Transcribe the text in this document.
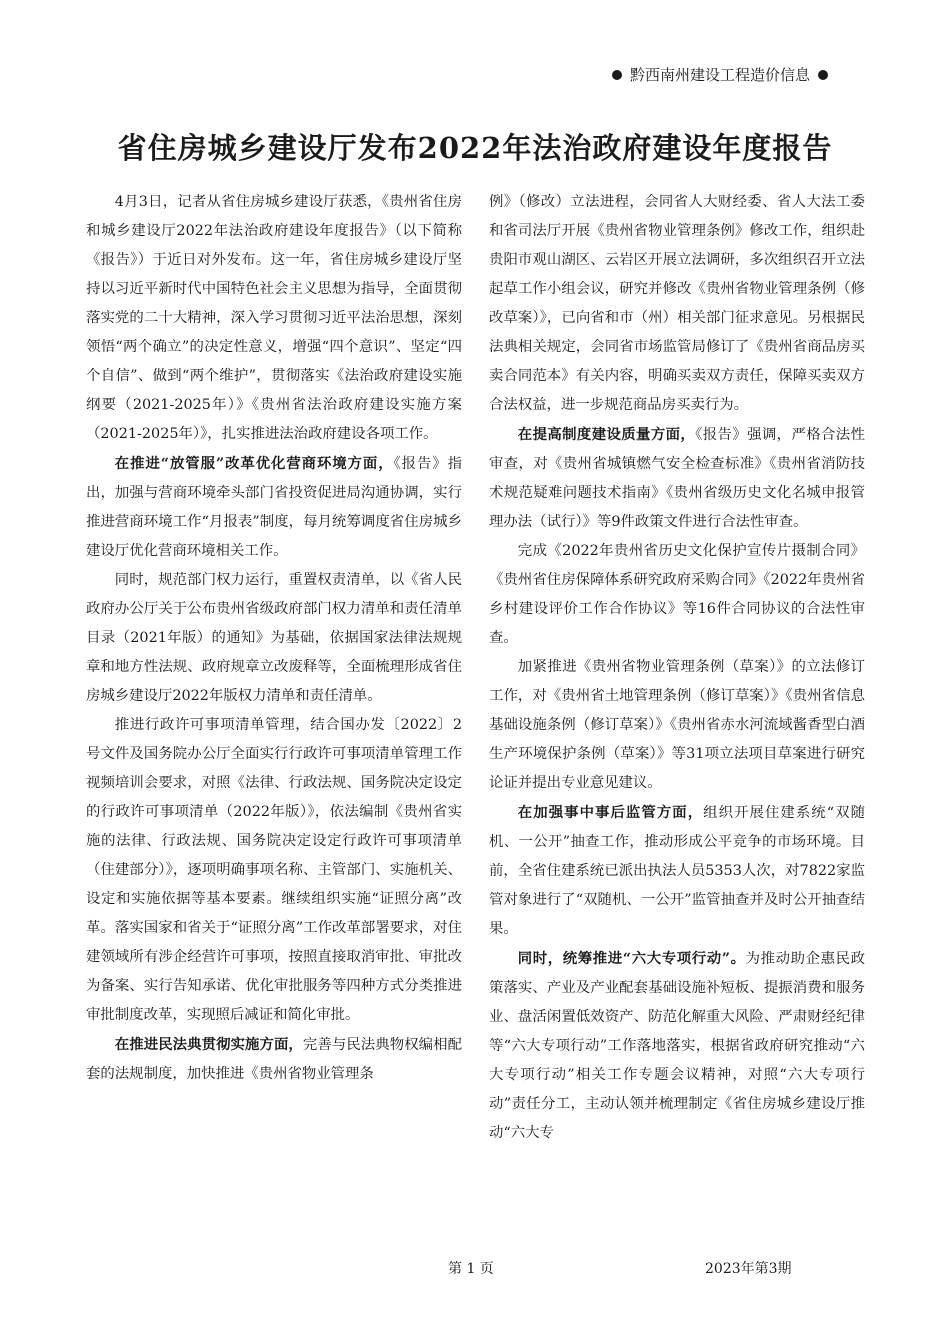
黔西南州建设工程造价信息
省住房城乡建设厅发布2022年法治政府建设年度报告

4月3日，记者从省住房城乡建设厅获悉，《贵州省住房和城乡建设厅2022年法治政府建设年度报告》（以下简称《报告》）于近日对外发布。这一年，省住房城乡建设厅坚持以习近平新时代中国特色社会主义思想为指导，全面贯彻落实党的二十大精神，深入学习贯彻习近平法治思想，深刻领悟“两个确立”的决定性意义，增强“四个意识”、坚定“四个自信”、做到“两个维护”，贯彻落实《法治政府建设实施纲要（2021-2025年）》《贵州省法治政府建设实施方案（2021-2025年）》，扎实推进法治政府建设各项工作。

在推进“放管服”改革优化营商环境方面，《报告》指出，加强与营商环境牵头部门省投资促进局沟通协调，实行推进营商环境工作“月报表”制度，每月统筹调度省住房城乡建设厅优化营商环境相关工作。

同时，规范部门权力运行，重置权责清单，以《省人民政府办公厅关于公布贵州省级政府部门权力清单和责任清单目录（2021年版）的通知》为基础，依据国家法律法规规章和地方性法规、政府规章立改废释等，全面梳理形成省住房城乡建设厅2022年版权力清单和责任清单。

推进行政许可事项清单管理，结合国办发〔2022〕2号文件及国务院办公厅全面实行行政许可事项清单管理工作视频培训会要求，对照《法律、行政法规、国务院决定设定的行政许可事项清单（2022年版）》，依法编制《贵州省实施的法律、行政法规、国务院决定设定行政许可事项清单（住建部分）》，逐项明确事项名称、主管部门、实施机关、设定和实施依据等基本要素。继续组织实施“证照分离”改革。落实国家和省关于“证照分离”工作改革部署要求，对住建领域所有涉企经营许可事项，按照直接取消审批、审批改为备案、实行告知承诺、优化审批服务等四种方式分类推进审批制度改革，实现照后减证和简化审批。

在推进民法典贯彻实施方面，完善与民法典物权编相配套的法规制度，加快推进《贵州省物业管理条

例》（修改）立法进程，会同省人大财经委、省人大法工委和省司法厅开展《贵州省物业管理条例》修改工作，组织赴贵阳市观山湖区、云岩区开展立法调研，多次组织召开立法起草工作小组会议，研究并修改《贵州省物业管理条例（修改草案）》，已向省和市（州）相关部门征求意见。另根据民法典相关规定，会同省市场监管局修订了《贵州省商品房买卖合同范本》有关内容，明确买卖双方责任，保障买卖双方合法权益，进一步规范商品房买卖行为。

在提高制度建设质量方面，《报告》强调，严格合法性审查，对《贵州省城镇燃气安全检查标准》《贵州省消防技术规范疑难问题技术指南》《贵州省级历史文化名城申报管理办法（试行）》等9件政策文件进行合法性审查。

完成《2022年贵州省历史文化保护宣传片摄制合同》《贵州省住房保障体系研究政府采购合同》《2022年贵州省乡村建设评价工作合作协议》等16件合同协议的合法性审查。

加紧推进《贵州省物业管理条例（草案）》的立法修订工作，对《贵州省土地管理条例（修订草案）》《贵州省信息基础设施条例（修订草案）》《贵州省赤水河流域酱香型白酒生产环境保护条例（草案）》等31项立法项目草案进行研究论证并提出专业意见建议。

在加强事中事后监管方面，组织开展住建系统“双随机、一公开”抽查工作，推动形成公平竞争的市场环境。目前，全省住建系统已派出执法人员5353人次，对7822家监管对象进行了“双随机、一公开”监管抽查并及时公开抽查结果。

同时，统筹推进“六大专项行动”。为推动助企惠民政策落实、产业及产业配套基础设施补短板、提振消费和服务业、盘活闲置低效资产、防范化解重大风险、严肃财经纪律等“六大专项行动”工作落地落实，根据省政府研究推动“六大专项行动”相关工作专题会议精神，对照“六大专项行动”责任分工，主动认领并梳理制定《省住房城乡建设厅推动“六大专

第 1 页	2023年第3期
